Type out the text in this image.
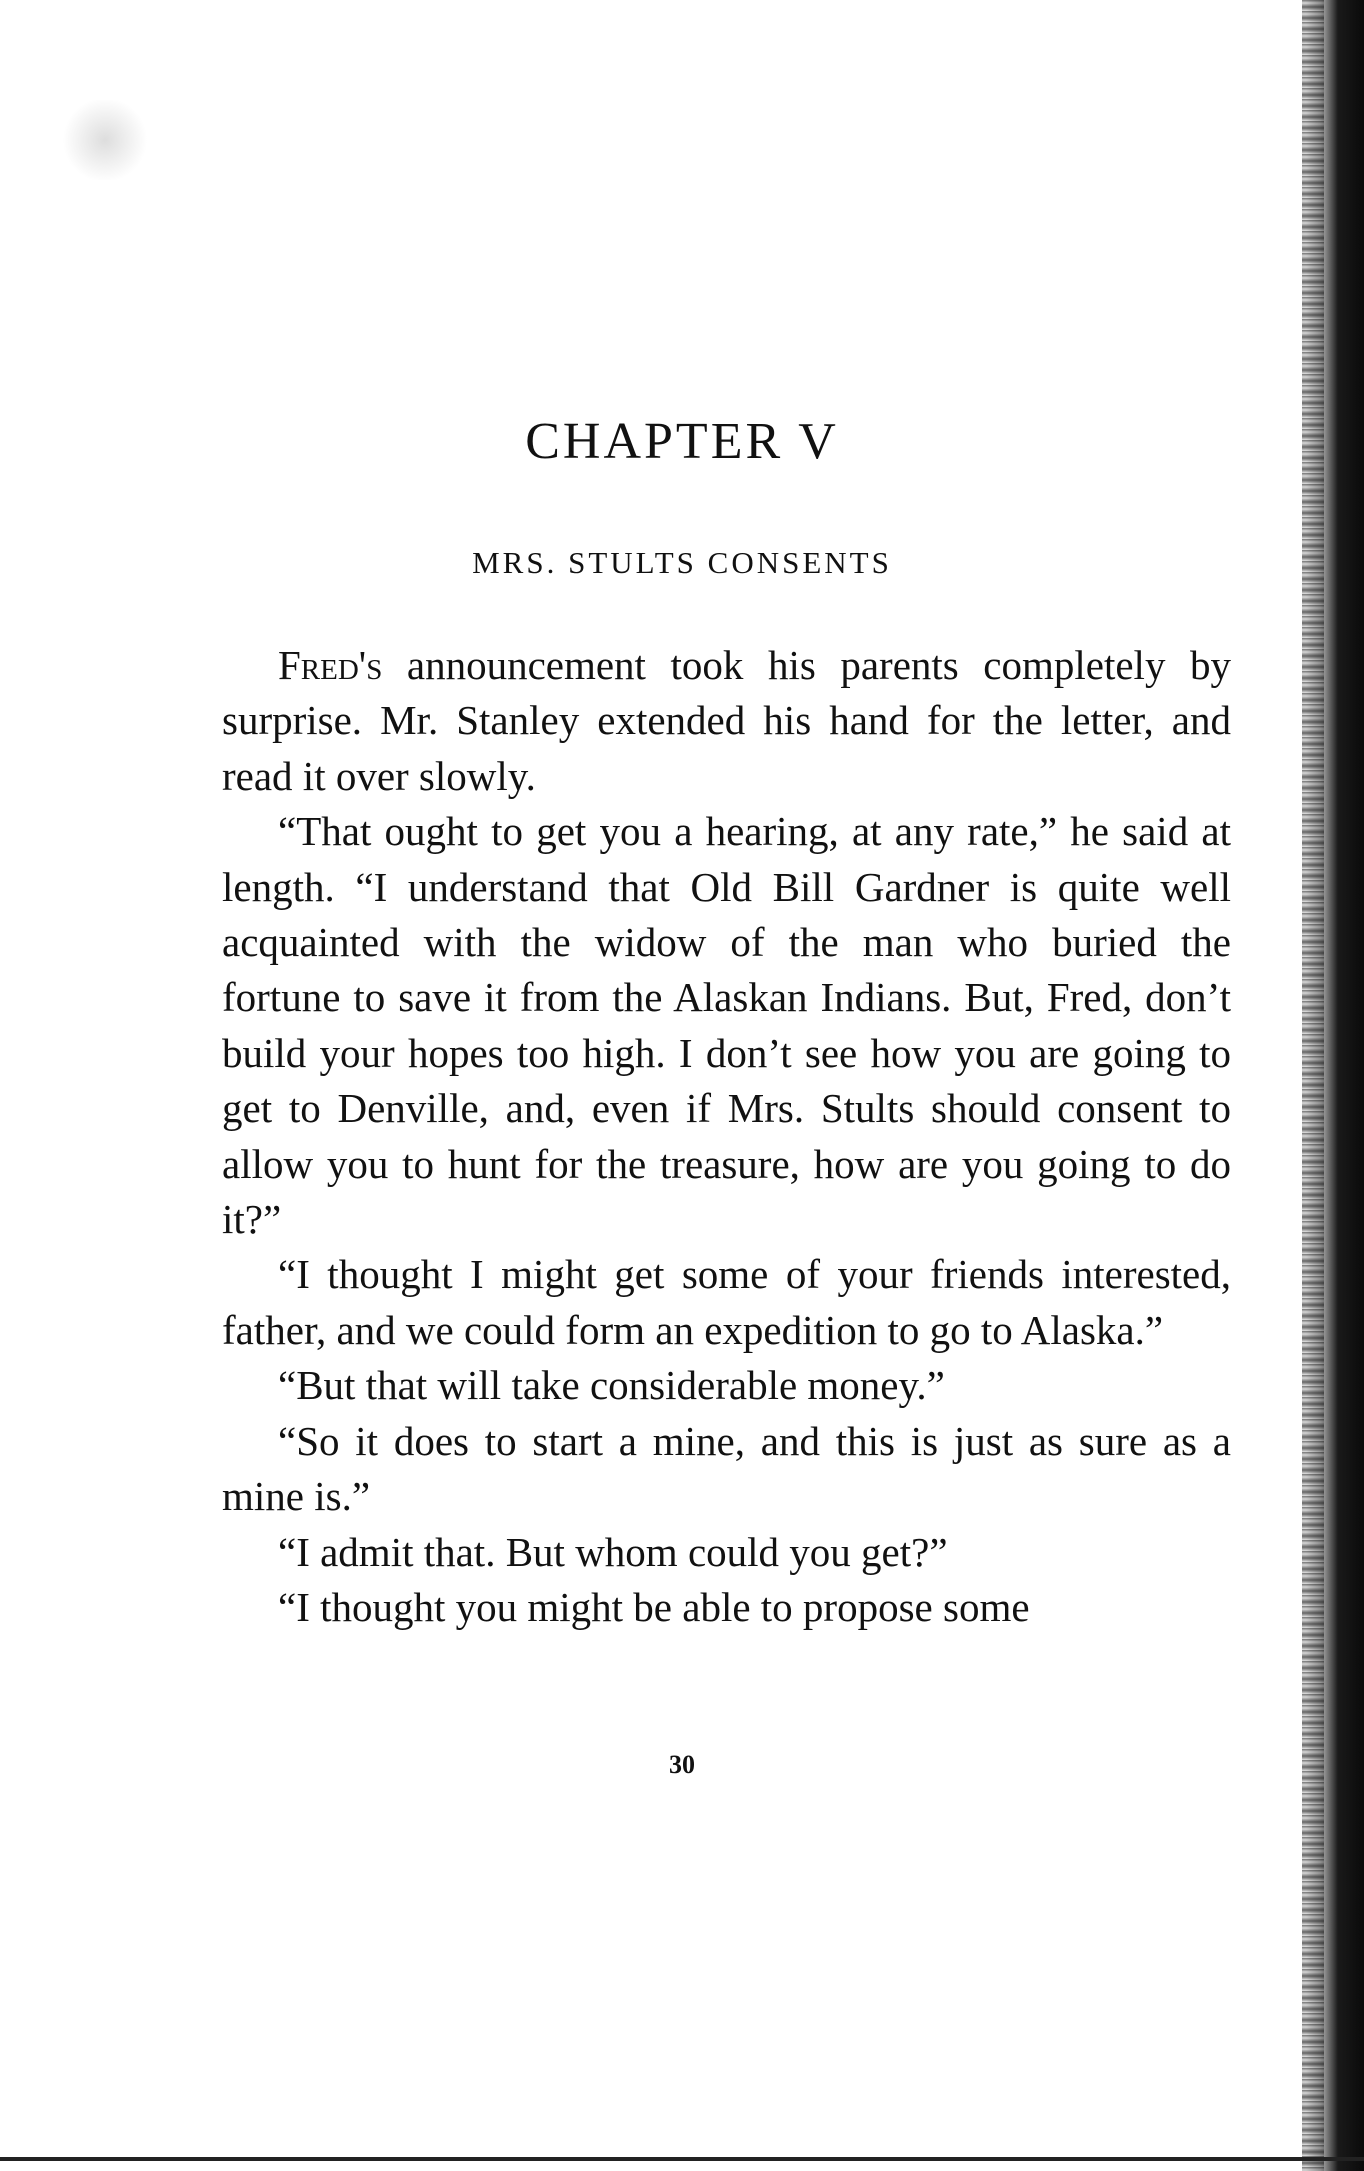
CHAPTER V
MRS. STULTS CONSENTS

Fred's announcement took his parents completely by surprise. Mr. Stanley extended his hand for the letter, and read it over slowly.

“That ought to get you a hearing, at any rate,” he said at length. “I understand that Old Bill Gardner is quite well acquainted with the widow of the man who buried the fortune to save it from the Alaskan Indians. But, Fred, don’t build your hopes too high. I don’t see how you are going to get to Denville, and, even if Mrs. Stults should consent to allow you to hunt for the treasure, how are you going to do it?”

“I thought I might get some of your friends interested, father, and we could form an expedition to go to Alaska.”

“But that will take considerable money.”

“So it does to start a mine, and this is just as sure as a mine is.”

“I admit that. But whom could you get?”

“I thought you might be able to propose some

30
